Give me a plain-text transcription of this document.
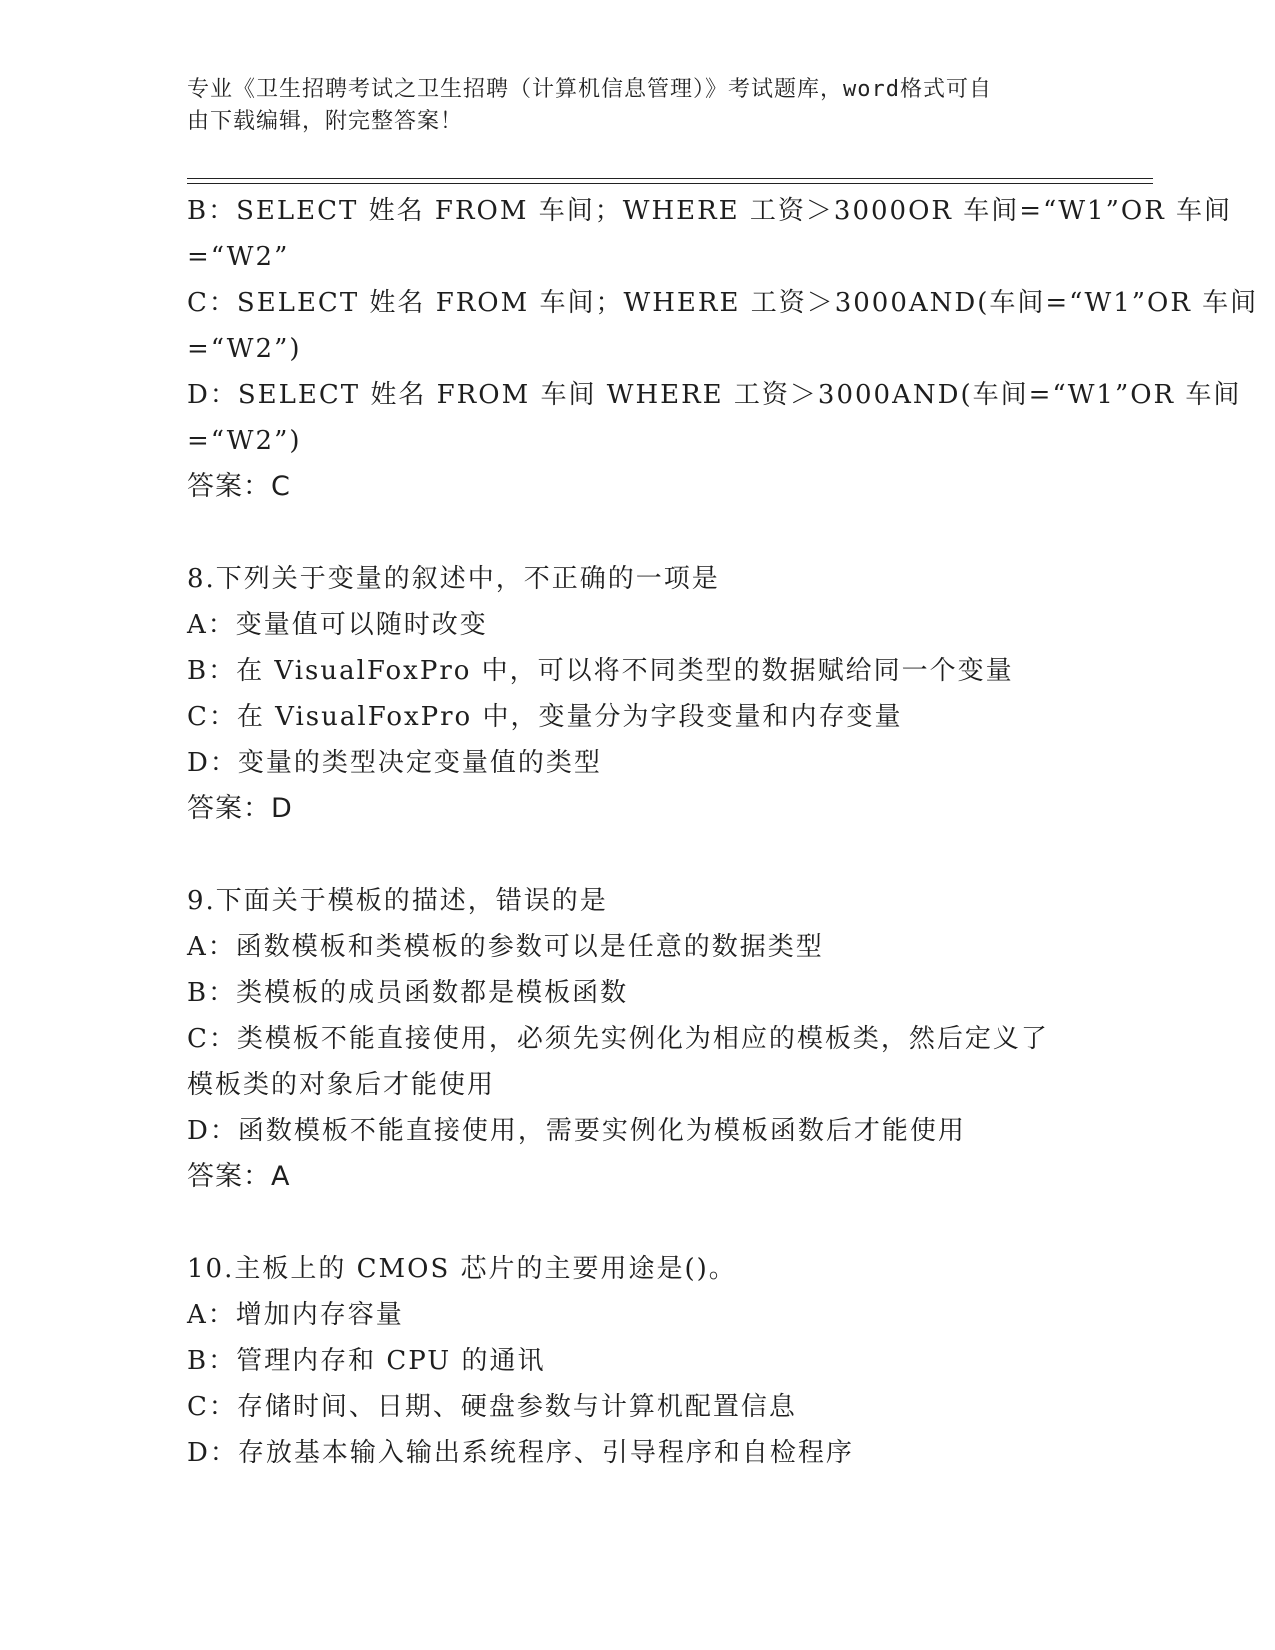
专业《卫生招聘考试之卫生招聘（计算机信息管理）》考试题库，word格式可自
由下载编辑，附完整答案！
B：SELECT 姓名 FROM 车间；WHERE 工资＞3000OR 车间=“W1”OR 车间
=“W2”
C：SELECT 姓名 FROM 车间；WHERE 工资＞3000AND(车间=“W1”OR 车间
=“W2”)
D：SELECT 姓名 FROM 车间 WHERE 工资＞3000AND(车间=“W1”OR 车间
=“W2”)
答案：C
8.下列关于变量的叙述中，不正确的一项是
A：变量值可以随时改变
B：在 VisualFoxPro 中，可以将不同类型的数据赋给同一个变量
C：在 VisualFoxPro 中，变量分为字段变量和内存变量
D：变量的类型决定变量值的类型
答案：D
9.下面关于模板的描述，错误的是
A：函数模板和类模板的参数可以是任意的数据类型
B：类模板的成员函数都是模板函数
C：类模板不能直接使用，必须先实例化为相应的模板类，然后定义了
模板类的对象后才能使用
D：函数模板不能直接使用，需要实例化为模板函数后才能使用
答案：A
10.主板上的 CMOS 芯片的主要用途是()。
A：增加内存容量
B：管理内存和 CPU 的通讯
C：存储时间、日期、硬盘参数与计算机配置信息
D：存放基本输入输出系统程序、引导程序和自检程序
